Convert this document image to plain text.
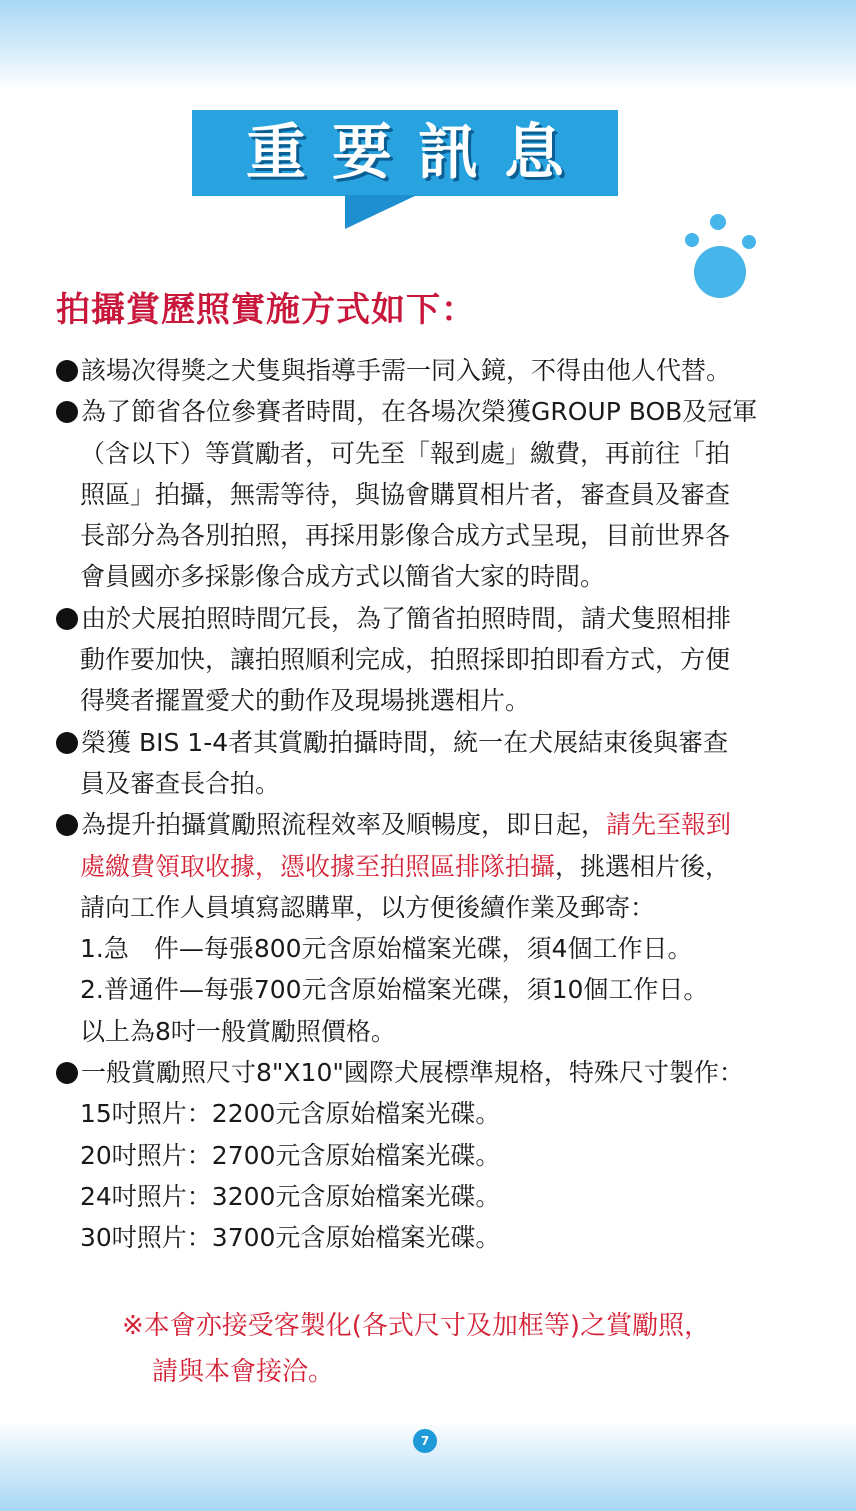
重要訊息
拍攝賞歷照實施方式如下：
該場次得獎之犬隻與指導手需一同入鏡，不得由他人代替。
為了節省各位參賽者時間，在各場次榮獲GROUP BOB及冠軍
（含以下）等賞勵者，可先至「報到處」繳費，再前往「拍
照區」拍攝，無需等待，與協會購買相片者，審查員及審查
長部分為各別拍照，再採用影像合成方式呈現，目前世界各
會員國亦多採影像合成方式以簡省大家的時間。
由於犬展拍照時間冗長，為了簡省拍照時間，請犬隻照相排
動作要加快，讓拍照順利完成，拍照採即拍即看方式，方便
得獎者擺置愛犬的動作及現場挑選相片。
榮獲 BIS 1-4者其賞勵拍攝時間，統一在犬展結束後與審查
員及審查長合拍。
為提升拍攝賞勵照流程效率及順暢度，即日起，請先至報到
處繳費領取收據，憑收據至拍照區排隊拍攝，挑選相片後，
請向工作人員填寫認購單，以方便後續作業及郵寄：
1.急　件—每張800元含原始檔案光碟，須4個工作日。
2.普通件—每張700元含原始檔案光碟，須10個工作日。
以上為8吋一般賞勵照價格。
一般賞勵照尺寸8"X10"國際犬展標準規格，特殊尺寸製作：
15吋照片：2200元含原始檔案光碟。
20吋照片：2700元含原始檔案光碟。
24吋照片：3200元含原始檔案光碟。
30吋照片：3700元含原始檔案光碟。
※本會亦接受客製化(各式尺寸及加框等)之賞勵照，
請與本會接洽。
7
